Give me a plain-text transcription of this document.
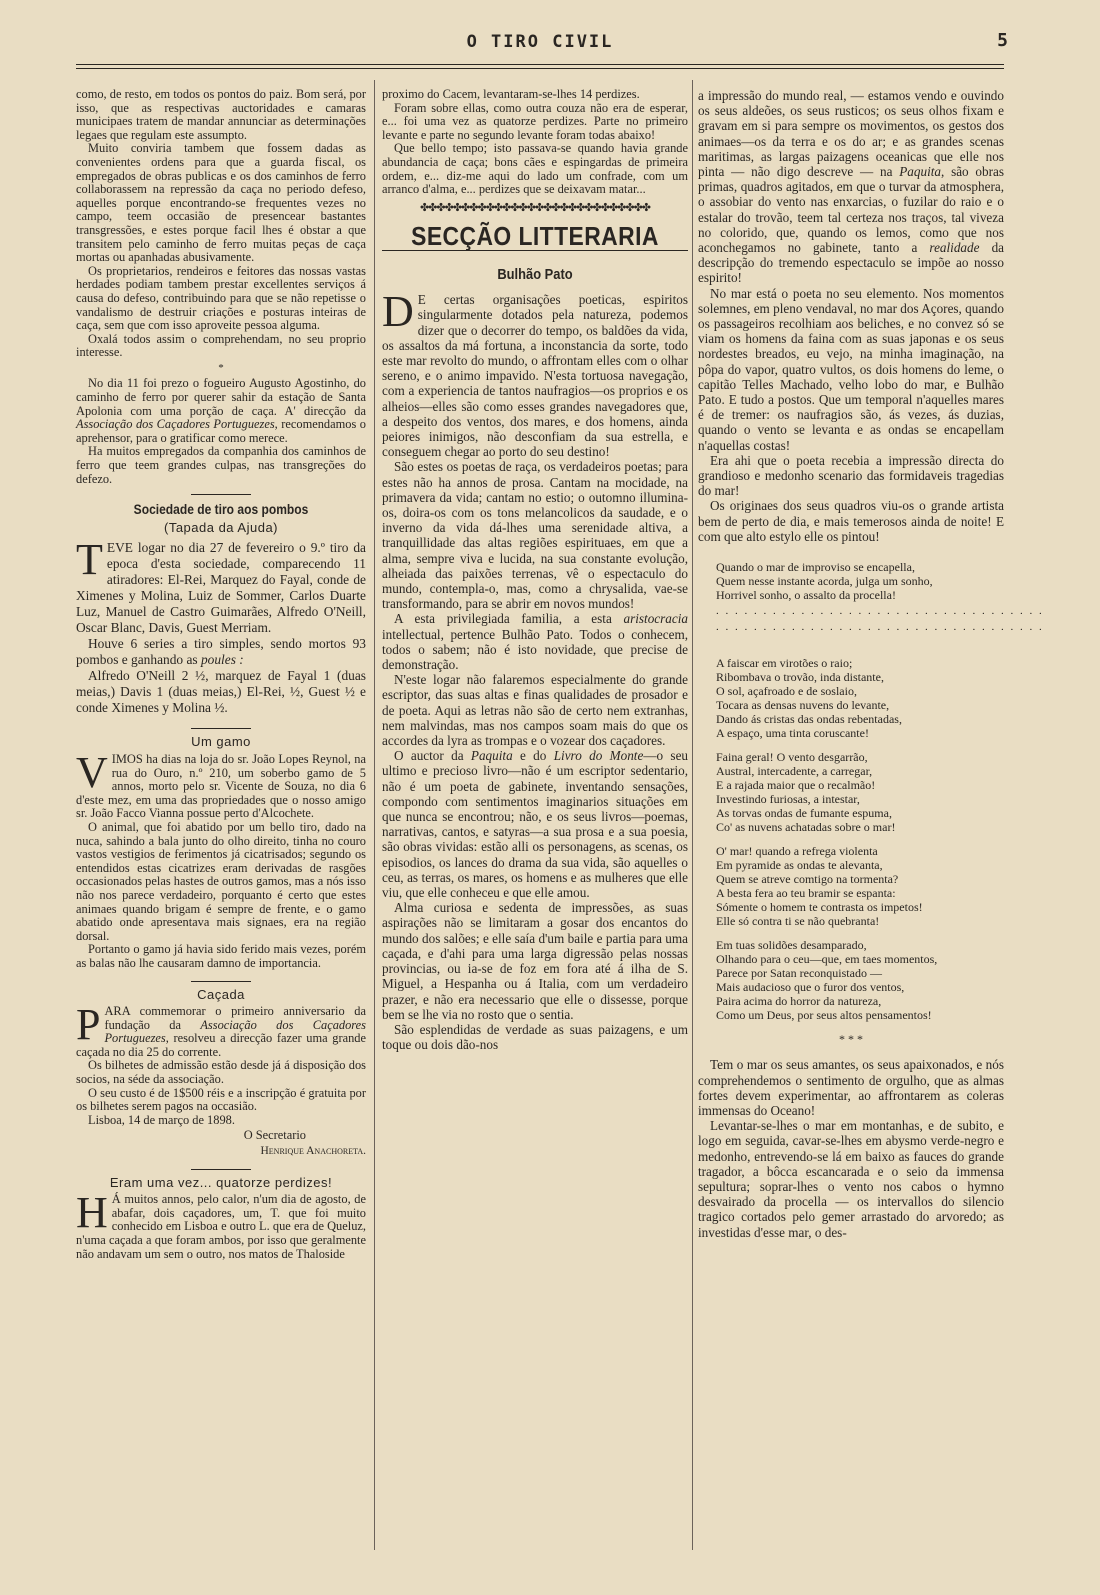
O TIRO CIVIL	5

como, de resto, em todos os pontos do paiz. Bom será, por isso, que as respectivas auctoridades e camaras municipaes tratem de mandar annunciar as determinações legaes que regulam este assumpto.

Muito conviria tambem que fossem dadas as convenientes ordens para que a guarda fiscal, os empregados de obras publicas e os dos caminhos de ferro collaborassem na repressão da caça no periodo defeso, aquelles porque encontrando-se frequentes vezes no campo, teem occasião de presencear bastantes transgressões, e estes porque facil lhes é obstar a que transitem pelo caminho de ferro muitas peças de caça mortas ou apanhadas abusivamente.

Os proprietarios, rendeiros e feitores das nossas vastas herdades podiam tambem prestar excellentes serviços á causa do defeso, contribuindo para que se não repetisse o vandalismo de destruir criações e posturas inteiras de caça, sem que com isso aproveite pessoa alguma.

Oxalá todos assim o comprehendam, no seu proprio interesse.

*

No dia 11 foi prezo o fogueiro Augusto Agostinho, do caminho de ferro por querer sahir da estação de Santa Apolonia com uma porção de caça. A' direcção da Associação dos Caçadores Portuguezes, recomendamos o aprehensor, para o gratificar como merece.

Ha muitos empregados da companhia dos caminhos de ferro que teem grandes culpas, nas transgreções do defezo.

Sociedade de tiro aos pombos
(Tapada da Ajuda)

TEVE logar no dia 27 de fevereiro o 9.º tiro da epoca d'esta sociedade, comparecendo 11 atiradores: El-Rei, Marquez do Fayal, conde de Ximenes y Molina, Luiz de Sommer, Carlos Duarte Luz, Manuel de Castro Guimarães, Alfredo O'Neill, Oscar Blanc, Davis, Guest Merriam.

Houve 6 series a tiro simples, sendo mortos 93 pombos e ganhando as poules :

Alfredo O'Neill 2 ½, marquez de Fayal 1 (duas meias,) Davis 1 (duas meias,) El-Rei, ½, Guest ½ e conde Ximenes y Molina ½.

Um gamo

VIMOS ha dias na loja do sr. João Lopes Reynol, na rua do Ouro, n.º 210, um soberbo gamo de 5 annos, morto pelo sr. Vicente de Souza, no dia 6 d'este mez, em uma das propriedades que o nosso amigo sr. João Facco Vianna possue perto d'Alcochete.

O animal, que foi abatido por um bello tiro, dado na nuca, sahindo a bala junto do olho direito, tinha no couro vastos vestigios de ferimentos já cicatrisados; segundo os entendidos estas cicatrizes eram derivadas de rasgões occasionados pelas hastes de outros gamos, mas a nós isso não nos parece verdadeiro, porquanto é certo que estes animaes quando brigam é sempre de frente, e o gamo abatido onde apresentava mais signaes, era na região dorsal.

Portanto o gamo já havia sido ferido mais vezes, porém as balas não lhe causaram damno de importancia.

Caçada

PARA commemorar o primeiro anniversario da fundação da Associação dos Caçadores Portuguezes, resolveu a direcção fazer uma grande caçada no dia 25 do corrente.

Os bilhetes de admissão estão desde já á disposição dos socios, na séde da associação.

O seu custo é de 1$500 réis e a inscripção é gratuita por os bilhetes serem pagos na occasião.

Lisboa, 14 de março de 1898.

O Secretario
Henrique Anachoreta.
Eram uma vez... quatorze perdizes!

H Á muitos annos, pelo calor, n'um dia de agosto, de abafar, dois caçadores, um, T. que foi muito conhecido em Lisboa e outro L. que era de Queluz, n'uma caçada a que foram ambos, por isso que geralmente não andavam um sem o outro, nos matos de Thaloside

proximo do Cacem, levantaram-se-lhes 14 perdizes.

Foram sobre ellas, como outra couza não era de esperar, e... foi uma vez as quatorze perdizes. Parte no primeiro levante e parte no segundo levante foram todas abaixo!

Que bello tempo; isto passava-se quando havia grande abundancia de caça; bons cães e espingardas de primeira ordem, e... diz-me aqui do lado um confrade, com um arranco d'alma, e... perdizes que se deixavam matar...

✤✤✤✤✤✤✤✤✤✤✤✤✤✤✤✤✤✤✤✤✤✤✤✤✤✤✤✤
SECÇÃO LITTERARIA
Bulhão Pato

D E certas organisações poeticas, espiritos singularmente dotados pela natureza, podemos dizer que o decorrer do tempo, os baldões da vida, os assaltos da má fortuna, a inconstancia da sorte, todo este mar revolto do mundo, o affrontam elles com o olhar sereno, e o animo impavido. N'esta tortuosa navegação, com a experiencia de tantos naufragios—os proprios e os alheios—elles são como esses grandes navegadores que, a despeito dos ventos, dos mares, e dos homens, ainda peiores inimigos, não desconfiam da sua estrella, e conseguem chegar ao porto do seu destino!

São estes os poetas de raça, os verdadeiros poetas; para estes não ha annos de prosa. Cantam na mocidade, na primavera da vida; cantam no estio; o outomno illumina-os, doira-os com os tons melancolicos da saudade, e o inverno da vida dá-lhes uma serenidade altiva, a tranquillidade das altas regiões espirituaes, em que a alma, sempre viva e lucida, na sua constante evolução, alheiada das paixões terrenas, vê o espectaculo do mundo, contempla-o, mas, como a chrysalida, vae-se transformando, para se abrir em novos mundos!

A esta privilegiada familia, a esta aristocracia intellectual, pertence Bulhão Pato. Todos o conhecem, todos o sabem; não é isto novidade, que precise de demonstração.

N'este logar não falaremos especialmente do grande escriptor, das suas altas e finas qualidades de prosador e de poeta. Aqui as letras não são de certo nem extranhas, nem malvindas, mas nos campos soam mais do que os accordes da lyra as trompas e o vozear dos caçadores.

O auctor da Paquita e do Livro do Monte—o seu ultimo e precioso livro—não é um escriptor sedentario, não é um poeta de gabinete, inventando sensações, compondo com sentimentos imaginarios situações em que nunca se encontrou; não, e os seus livros—poemas, narrativas, cantos, e satyras—a sua prosa e a sua poesia, são obras vividas: estão alli os personagens, as scenas, os episodios, os lances do drama da sua vida, são aquelles o ceu, as terras, os mares, os homens e as mulheres que elle viu, que elle conheceu e que elle amou.

Alma curiosa e sedenta de impressões, as suas aspirações não se limitaram a gosar dos encantos do mundo dos salões; e elle saía d'um baile e partia para uma caçada, e d'ahi para uma larga digressão pelas nossas provincias, ou ia-se de foz em fora até á ilha de S. Miguel, a Hespanha ou á Italia, com um verdadeiro prazer, e não era necessario que elle o dissesse, porque bem se lhe via no rosto que o sentia.

São esplendidas de verdade as suas paizagens, e um toque ou dois dão-nos

a impressão do mundo real, — estamos vendo e ouvindo os seus aldeões, os seus rusticos; os seus olhos fixam e gravam em si para sempre os movimentos, os gestos dos animaes—os da terra e os do ar; e as grandes scenas maritimas, as largas paizagens oceanicas que elle nos pinta — não digo descreve — na Paquita, são obras primas, quadros agitados, em que o turvar da atmosphera, o assobiar do vento nas enxarcias, o fuzilar do raio e o estalar do trovão, teem tal certeza nos traços, tal viveza no colorido, que, quando os lemos, como que nos aconchegamos no gabinete, tanto a realidade da descripção do tremendo espectaculo se impõe ao nosso espirito!

No mar está o poeta no seu elemento. Nos momentos solemnes, em pleno vendaval, no mar dos Açores, quando os passageiros recolhiam aos beliches, e no convez só se viam os homens da faina com as suas japonas e os seus nordestes breados, eu vejo, na minha imaginação, na pôpa do vapor, quatro vultos, os dois homens do leme, o capitão Telles Machado, velho lobo do mar, e Bulhão Pato. E tudo a postos. Que um temporal n'aquelles mares é de tremer: os naufragios são, ás vezes, ás duzias, quando o vento se levanta e as ondas se encapellam n'aquellas costas!

Era ahi que o poeta recebia a impressão directa do grandioso e medonho scenario das formidaveis tragedias do mar!

Os originaes dos seus quadros viu-os o grande artista bem de perto de dia, e mais temerosos ainda de noite! E com que alto estylo elle os pintou!

Quando o mar de improviso se encapella,
Quem nesse instante acorda, julga um sonho,
Horrivel sonho, o assalto da procella!
. . . . . . . . . . . . . . . . . . . . . . . . . . . . . . . . . . .
. . . . . . . . . . . . . . . . . . . . . . . . . . . . . . . . . . .
A faiscar em virotões o raio;
Ribombava o trovão, inda distante,
O sol, açafroado e de soslaio,
Tocara as densas nuvens do levante,
Dando ás cristas das ondas rebentadas,
A espaço, uma tinta coruscante!
Faina geral! O vento desgarrão,
Austral, intercadente, a carregar,
E a rajada maior que o recalmão!
Investindo furiosas, a intestar,
As torvas ondas de fumante espuma,
Co' as nuvens achatadas sobre o mar!
O' mar! quando a refrega violenta
Em pyramide as ondas te alevanta,
Quem se atreve comtigo na tormenta?
A besta fera ao teu bramir se espanta:
Sómente o homem te contrasta os impetos!
Elle só contra ti se não quebranta!
Em tuas solidões desamparado,
Olhando para o ceu—que, em taes momentos,
Parece por Satan reconquistado —
Mais audacioso que o furor dos ventos,
Paira acima do horror da natureza,
Como um Deus, por seus altos pensamentos!
* * *

Tem o mar os seus amantes, os seus apaixonados, e nós comprehendemos o sentimento de orgulho, que as almas fortes devem experimentar, ao affrontarem as coleras immensas do Oceano!

Levantar-se-lhes o mar em montanhas, e de subito, e logo em seguida, cavar-se-lhes em abysmo verde-negro e medonho, entrevendo-se lá em baixo as fauces do grande tragador, a bôcca escancarada e o seio da immensa sepultura; soprar-lhes o vento nos cabos o hymno desvairado da procella — os intervallos do silencio tragico cortados pelo gemer arrastado do arvoredo; as investidas d'esse mar, o des-
